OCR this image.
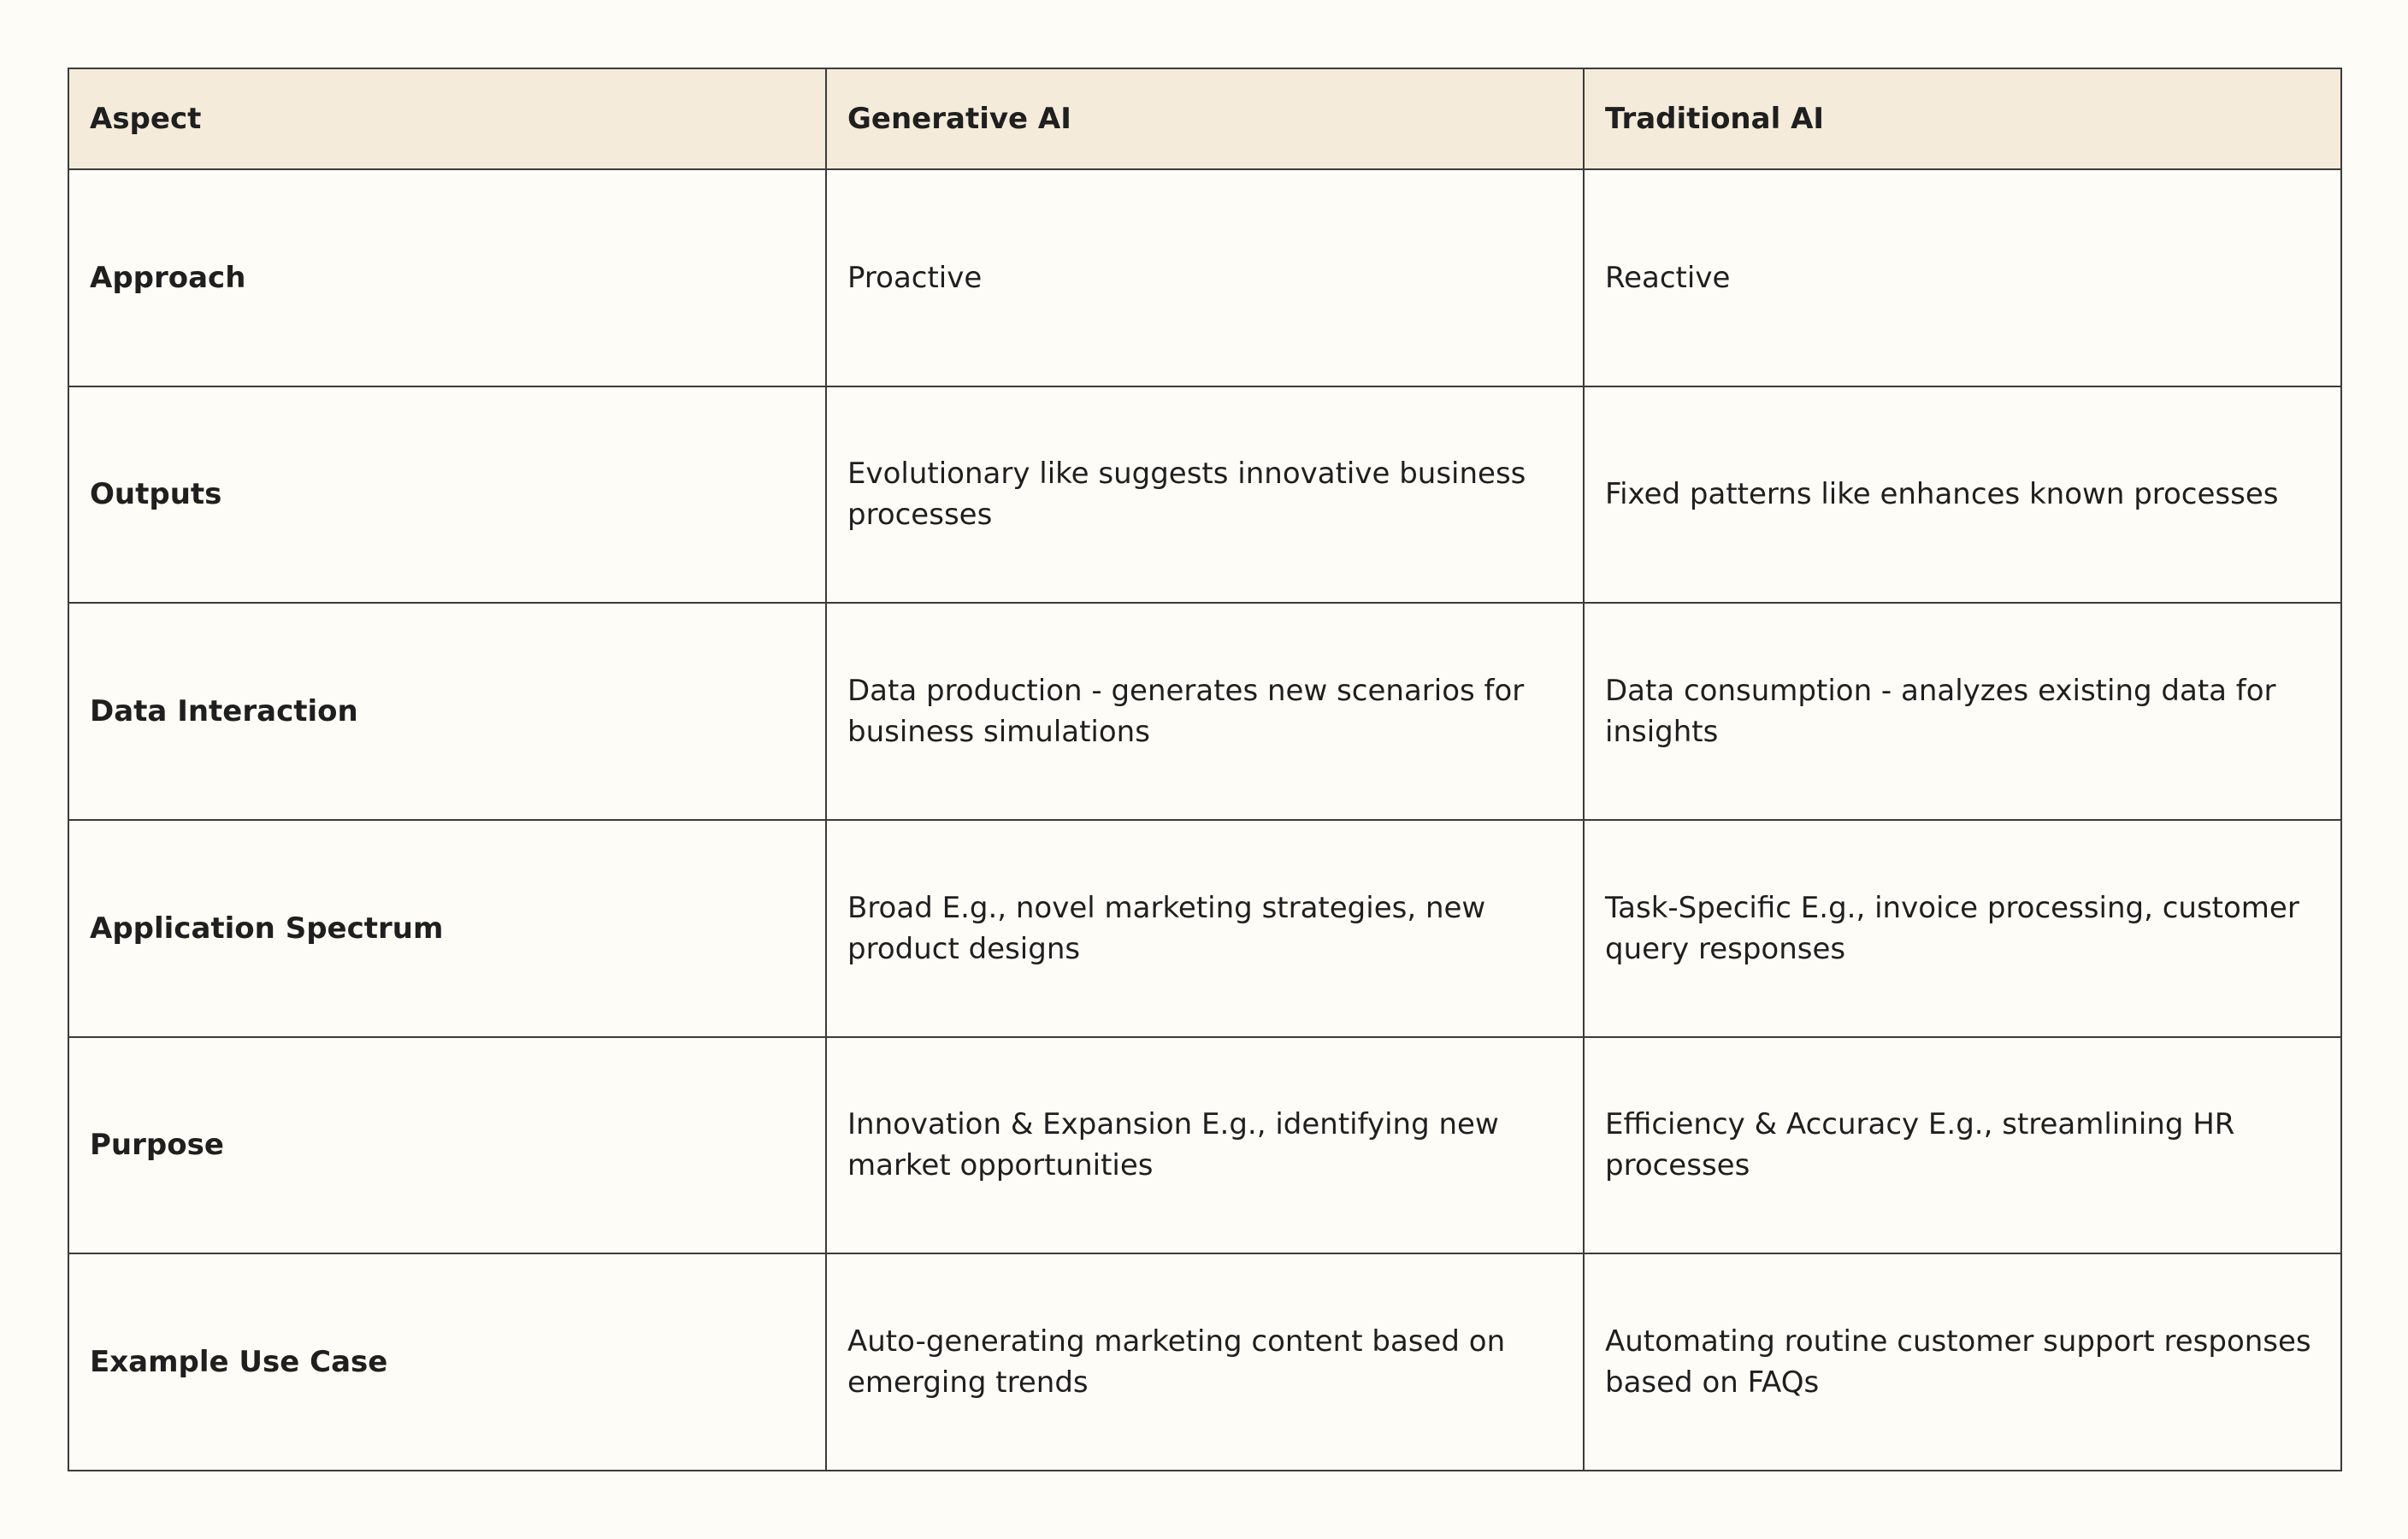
Aspect	Generative AI	Traditional AI
Approach	Proactive	Reactive
Outputs	Evolutionary like suggests innovative business processes	Fixed patterns like enhances known processes
Data Interaction	Data production - generates new scenarios for business simulations	Data consumption - analyzes existing data for insights
Application Spectrum	Broad E.g., novel marketing strategies, new product designs	Task-Specific E.g., invoice processing, customer query responses
Purpose	Innovation & Expansion E.g., identifying new market opportunities	Efficiency & Accuracy E.g., streamlining HR processes
Example Use Case	Auto-generating marketing content based on emerging trends	Automating routine customer support responses based on FAQs
